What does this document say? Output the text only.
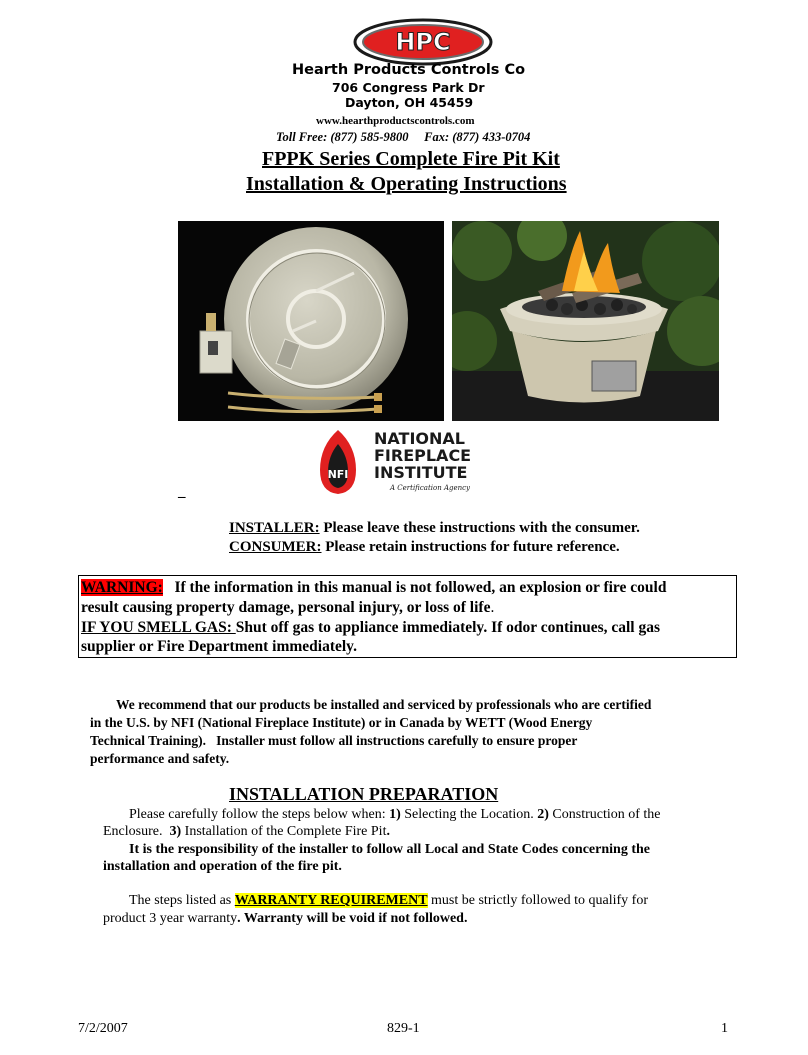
HPC
Hearth Products Controls Co
706 Congress Park Dr
Dayton, OH 45459
www.hearthproductscontrols.com
Toll Free: (877) 585-9800 Fax: (877) 433-0704
FPPK Series Complete Fire Pit Kit
Installation & Operating Instructions
NFI
NATIONAL
FIREPLACE
INSTITUTE
A Certification Agency
–
INSTALLER: Please leave these instructions with the consumer.
CONSUMER: Please retain instructions for future reference.
WARNING:   If the information in this manual is not followed, an explosion or fire could
result causing property damage, personal injury, or loss of life.
IF YOU SMELL GAS: Shut off gas to appliance immediately. If odor continues, call gas
supplier or Fire Department immediately.
We recommend that our products be installed and serviced by professionals who are certified
in the U.S. by NFI (National Fireplace Institute) or in Canada by WETT (Wood Energy
Technical Training).   Installer must follow all instructions carefully to ensure proper
performance and safety.
INSTALLATION PREPARATION
Please carefully follow the steps below when: 1) Selecting the Location. 2) Construction of the
Enclosure.  3) Installation of the Complete Fire Pit.
It is the responsibility of the installer to follow all Local and State Codes concerning the
installation and operation of the fire pit.
The steps listed as WARRANTY REQUIREMENT must be strictly followed to qualify for
product 3 year warranty. Warranty will be void if not followed.
7/2/2007	829-1	1
